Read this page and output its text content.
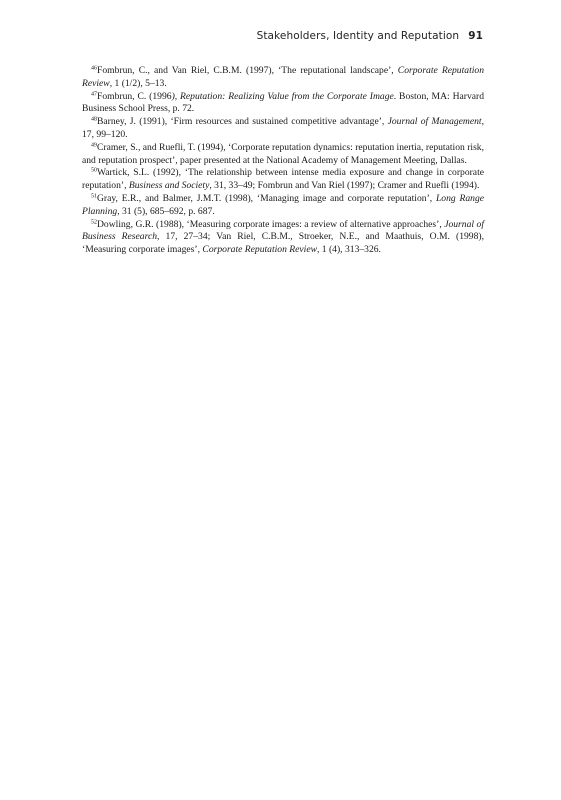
Stakeholders, Identity and Reputation 91

$^{46}$Fombrun, C., and Van Riel, C.B.M. (1997), ‘The reputational landscape’, Corporate Reputation Review, 1 (1/2), 5–13.

$^{47}$Fombrun, C. (1996), Reputation: Realizing Value from the Corporate Image. Boston, MA: Harvard Business School Press, p. 72.

$^{48}$Barney, J. (1991), ‘Firm resources and sustained competitive advantage’, Journal of Management, 17, 99–120.

$^{49}$Cramer, S., and Ruefli, T. (1994), ‘Corporate reputation dynamics: reputation inertia, reputation risk, and reputation prospect’, paper presented at the National Academy of Management Meeting, Dallas.

$^{50}$Wartick, S.L. (1992), ‘The relationship between intense media exposure and change in corporate reputation’, Business and Society, 31, 33–49; Fombrun and Van Riel (1997); Cramer and Ruefli (1994).

$^{51}$Gray, E.R., and Balmer, J.M.T. (1998), ‘Managing image and corporate reputation’, Long Range Planning, 31 (5), 685–692, p. 687.

$^{52}$Dowling, G.R. (1988), ‘Measuring corporate images: a review of alternative approaches’, Journal of Business Research, 17, 27–34; Van Riel, C.B.M., Stroeker, N.E., and Maathuis, O.M. (1998), ‘Measuring corporate images’, Corporate Reputation Review, 1 (4), 313–326.
